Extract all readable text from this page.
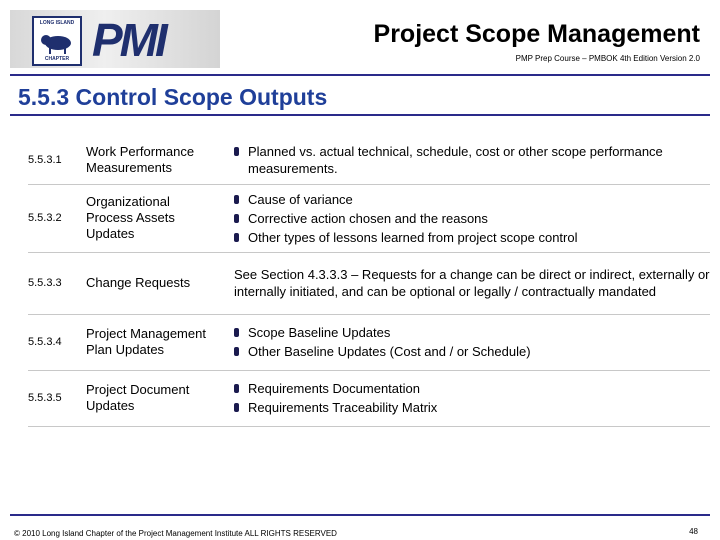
LONG ISLAND
CHAPTER PMI	Project Scope Management
PMP Prep Course – PMBOK 4th Edition Version 2.0
5.5.3 Control Scope Outputs
5.5.3.1	Work Performance Measurements	Planned vs. actual technical, schedule, cost or other scope performance measurements.

5.5.3.2	Organizational Process Assets Updates	Cause of variance
Corrective action chosen and the reasons
Other types of lessons learned from project scope control

5.5.3.3	Change Requests	See Section 4.3.3.3 – Requests for a change can be direct or indirect, externally or internally initiated, and can be optional or legally / contractually mandated

5.5.3.4	Project Management Plan Updates	Scope Baseline Updates
Other Baseline Updates (Cost and / or Schedule)

5.5.3.5	Project Document Updates	Requirements Documentation
Requirements Traceability Matrix
© 2010 Long Island Chapter of the Project Management Institute ALL RIGHTS RESERVED	48
